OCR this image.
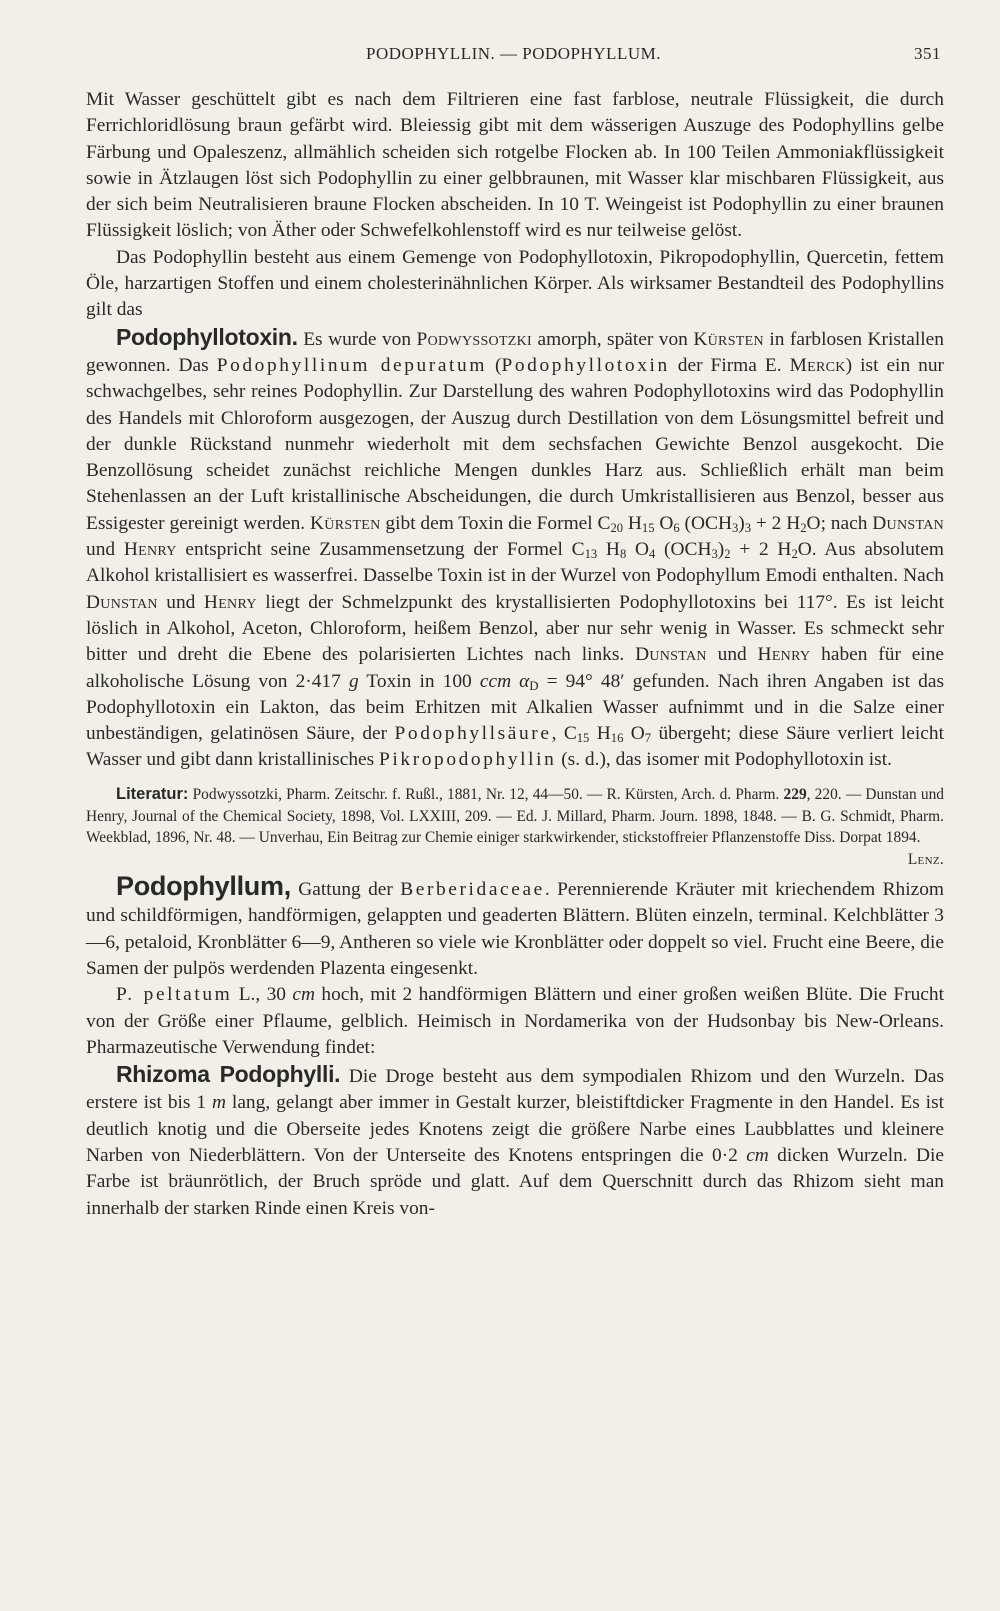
PODOPHYLLIN. — PODOPHYLLUM.	351

Mit Wasser geschüttelt gibt es nach dem Filtrieren eine fast farblose, neutrale Flüssigkeit, die durch Ferrichloridlösung braun gefärbt wird. Bleiessig gibt mit dem wässerigen Auszuge des Podophyllins gelbe Färbung und Opaleszenz, allmählich scheiden sich rotgelbe Flocken ab. In 100 Teilen Ammoniakflüssigkeit sowie in Ätzlaugen löst sich Podophyllin zu einer gelbbraunen, mit Wasser klar mischbaren Flüssigkeit, aus der sich beim Neutralisieren braune Flocken abscheiden. In 10 T. Weingeist ist Podophyllin zu einer braunen Flüssigkeit löslich; von Äther oder Schwefelkohlenstoff wird es nur teilweise gelöst.

Das Podophyllin besteht aus einem Gemenge von Podophyllotoxin, Pikropodophyllin, Quercetin, fettem Öle, harzartigen Stoffen und einem cholesterinähnlichen Körper. Als wirksamer Bestandteil des Podophyllins gilt das

Podophyllotoxin. Es wurde von Podwyssotzki amorph, später von Kürsten in farblosen Kristallen gewonnen. Das Podophyllinum depuratum (Podophyllotoxin der Firma E. Merck) ist ein nur schwachgelbes, sehr reines Podophyllin. Zur Darstellung des wahren Podophyllotoxins wird das Podophyllin des Handels mit Chloroform ausgezogen, der Auszug durch Destillation von dem Lösungsmittel befreit und der dunkle Rückstand nunmehr wiederholt mit dem sechsfachen Gewichte Benzol ausgekocht. Die Benzollösung scheidet zunächst reichliche Mengen dunkles Harz aus. Schließlich erhält man beim Stehenlassen an der Luft kristallinische Abscheidungen, die durch Umkristallisieren aus Benzol, besser aus Essigester gereinigt werden. Kürsten gibt dem Toxin die Formel $C_{20}$ $H_{15}$ $O_6$ $(OCH_3)_3 + 2$ $H_2O$; nach Dunstan und Henry entspricht seine Zusammensetzung der Formel $C_{13}$ $H_8$ $O_4$ $(OCH_3)_2 + 2$ $H_2O$. Aus absolutem Alkohol kristallisiert es wasserfrei. Dasselbe Toxin ist in der Wurzel von Podophyllum Emodi enthalten. Nach Dunstan und Henry liegt der Schmelzpunkt des krystallisierten Podophyllotoxins bei 117°. Es ist leicht löslich in Alkohol, Aceton, Chloroform, heißem Benzol, aber nur sehr wenig in Wasser. Es schmeckt sehr bitter und dreht die Ebene des polarisierten Lichtes nach links. Dunstan und Henry haben für eine alkoholische Lösung von 2·417 g Toxin in 100 ccm $\alpha_D = 94^\circ$ 48′ gefunden. Nach ihren Angaben ist das Podophyllotoxin ein Lakton, das beim Erhitzen mit Alkalien Wasser aufnimmt und in die Salze einer unbeständigen, gelatinösen Säure, der Podophyllsäure, $C_{15}$ $H_{16}$ $O_7$ übergeht; diese Säure verliert leicht Wasser und gibt dann kristallinisches Pikropodophyllin (s. d.), das isomer mit Podophyllotoxin ist.

Literatur: Podwyssotzki, Pharm. Zeitschr. f. Rußl., 1881, Nr. 12, 44—50. — R. Kürsten, Arch. d. Pharm. 229, 220. — Dunstan und Henry, Journal of the Chemical Society, 1898, Vol. LXXIII, 209. — Ed. J. Millard, Pharm. Journ. 1898, 1848. — B. G. Schmidt, Pharm. Weekblad, 1896, Nr. 48. — Unverhau, Ein Beitrag zur Chemie einiger starkwirkender, stickstoffreier Pflanzenstoffe Diss. Dorpat 1894.
Lenz.

Podophyllum, Gattung der Berberidaceae. Perennierende Kräuter mit kriechendem Rhizom und schildförmigen, handförmigen, gelappten und geaderten Blättern. Blüten einzeln, terminal. Kelchblätter 3—6, petaloid, Kronblätter 6—9, Antheren so viele wie Kronblätter oder doppelt so viel. Frucht eine Beere, die Samen der pulpös werdenden Plazenta eingesenkt.

P. peltatum L., 30 cm hoch, mit 2 handförmigen Blättern und einer großen weißen Blüte. Die Frucht von der Größe einer Pflaume, gelblich. Heimisch in Nordamerika von der Hudsonbay bis New-Orleans. Pharmazeutische Verwendung findet:

Rhizoma Podophylli. Die Droge besteht aus dem sympodialen Rhizom und den Wurzeln. Das erstere ist bis 1 m lang, gelangt aber immer in Gestalt kurzer, bleistiftdicker Fragmente in den Handel. Es ist deutlich knotig und die Oberseite jedes Knotens zeigt die größere Narbe eines Laubblattes und kleinere Narben von Niederblättern. Von der Unterseite des Knotens entspringen die 0·2 cm dicken Wurzeln. Die Farbe ist bräunrötlich, der Bruch spröde und glatt. Auf dem Querschnitt durch das Rhizom sieht man innerhalb der starken Rinde einen Kreis von-
